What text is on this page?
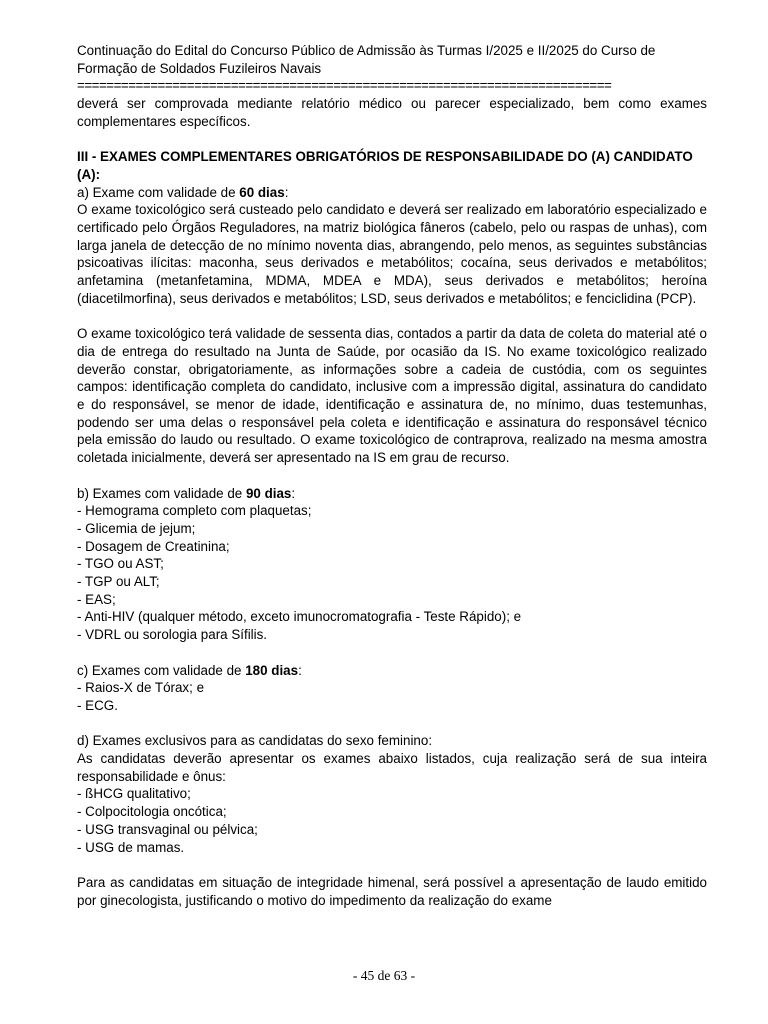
Continuação do Edital do Concurso Público de Admissão às Turmas I/2025 e II/2025 do Curso de

Formação de Soldados Fuzileiros Navais

=========================================================================

deverá ser comprovada mediante relatório médico ou parecer especializado, bem como exames complementares específicos.

III - EXAMES COMPLEMENTARES OBRIGATÓRIOS DE RESPONSABILIDADE DO (A) CANDIDATO (A):

a) Exame com validade de 60 dias:

O exame toxicológico será custeado pelo candidato e deverá ser realizado em laboratório especializado e certificado pelo Órgãos Reguladores, na matriz biológica fâneros (cabelo, pelo ou raspas de unhas), com larga janela de detecção de no mínimo noventa dias, abrangendo, pelo menos, as seguintes substâncias psicoativas ilícitas: maconha, seus derivados e metabólitos; cocaína, seus derivados e metabólitos; anfetamina (metanfetamina, MDMA, MDEA e MDA), seus derivados e metabólitos; heroína (diacetilmorfina), seus derivados e metabólitos; LSD, seus derivados e metabólitos; e fenciclidina (PCP).

O exame toxicológico terá validade de sessenta dias, contados a partir da data de coleta do material até o dia de entrega do resultado na Junta de Saúde, por ocasião da IS. No exame toxicológico realizado deverão constar, obrigatoriamente, as informações sobre a cadeia de custódia, com os seguintes campos: identificação completa do candidato, inclusive com a impressão digital, assinatura do candidato e do responsável, se menor de idade, identificação e assinatura de, no mínimo, duas testemunhas, podendo ser uma delas o responsável pela coleta e identificação e assinatura do responsável técnico pela emissão do laudo ou resultado. O exame toxicológico de contraprova, realizado na mesma amostra coletada inicialmente, deverá ser apresentado na IS em grau de recurso.

b) Exames com validade de 90 dias:

- Hemograma completo com plaquetas;
- Glicemia de jejum;
- Dosagem de Creatinina;
- TGO ou AST;
- TGP ou ALT;
- EAS;
- Anti-HIV (qualquer método, exceto imunocromatografia - Teste Rápido); e
- VDRL ou sorologia para Sífilis.

c) Exames com validade de 180 dias:

- Raios-X de Tórax; e
- ECG.

d) Exames exclusivos para as candidatas do sexo feminino:

As candidatas deverão apresentar os exames abaixo listados, cuja realização será de sua inteira responsabilidade e ônus:

- ßHCG qualitativo;
- Colpocitologia oncótica;
- USG transvaginal ou pélvica;
- USG de mamas.

Para as candidatas em situação de integridade himenal, será possível a apresentação de laudo emitido por ginecologista, justificando o motivo do impedimento da realização do exame

- 45 de 63 -
